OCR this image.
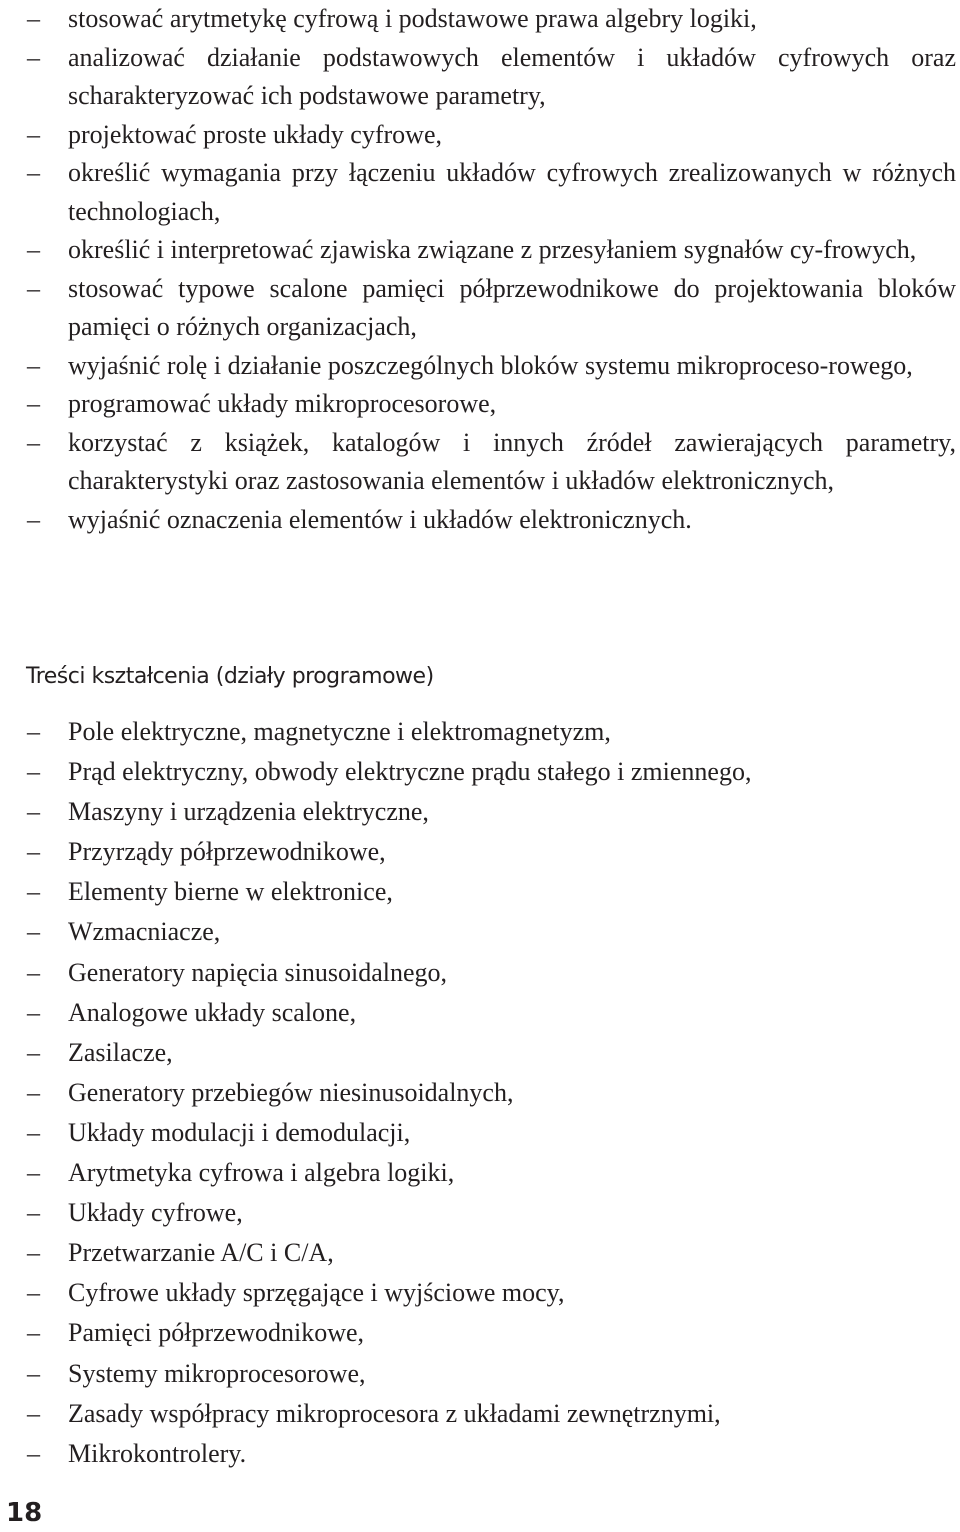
–	stosować arytmetykę cyfrową i podstawowe prawa algebry logiki,
–	analizować działanie podstawowych elementów i układów cyfrowych oraz scharakteryzować ich podstawowe parametry,
–	projektować proste układy cyfrowe,
–	określić wymagania przy łączeniu układów cyfrowych zrealizowanych w różnych technologiach,
–	określić i interpretować zjawiska związane z przesyłaniem sygnałów cy-frowych,
–	stosować typowe scalone pamięci półprzewodnikowe do projektowania bloków pamięci o różnych organizacjach,
–	wyjaśnić rolę i działanie poszczególnych bloków systemu mikroproceso-rowego,
–	programować układy mikroprocesorowe,
–	korzystać z książek, katalogów i innych źródeł zawierających parametry, charakterystyki oraz zastosowania elementów i układów elektronicznych,
–	wyjaśnić oznaczenia elementów i układów elektronicznych.
Treści kształcenia (działy programowe)
–	Pole elektryczne, magnetyczne i elektromagnetyzm,
–	Prąd elektryczny, obwody elektryczne prądu stałego i zmiennego,
–	Maszyny i urządzenia elektryczne,
–	Przyrządy półprzewodnikowe,
–	Elementy bierne w elektronice,
–	Wzmacniacze,
–	Generatory napięcia sinusoidalnego,
–	Analogowe układy scalone,
–	Zasilacze,
–	Generatory przebiegów niesinusoidalnych,
–	Układy modulacji i demodulacji,
–	Arytmetyka cyfrowa i algebra logiki,
–	Układy cyfrowe,
–	Przetwarzanie A/C i C/A,
–	Cyfrowe układy sprzęgające i wyjściowe mocy,
–	Pamięci półprzewodnikowe,
–	Systemy mikroprocesorowe,
–	Zasady współpracy mikroprocesora z układami zewnętrznymi,
–	Mikrokontrolery.
18
